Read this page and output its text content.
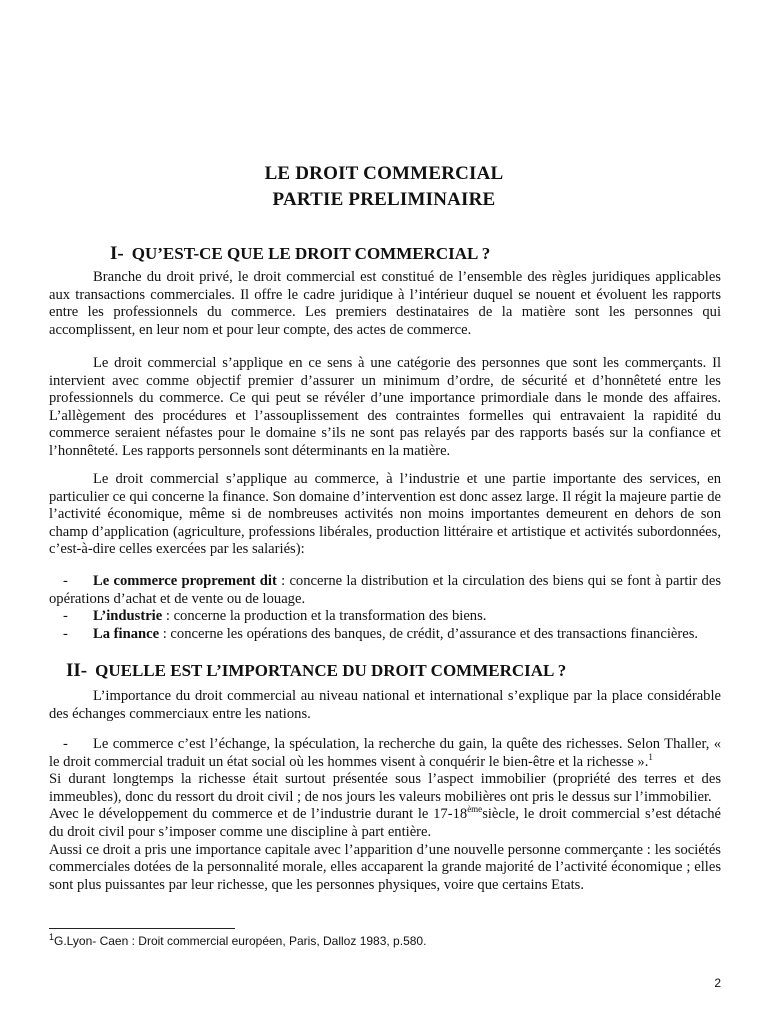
LE DROIT COMMERCIAL
PARTIE PRELIMINAIRE
I- QU’EST-CE QUE LE DROIT COMMERCIAL ?
Branche du droit privé, le droit commercial est constitué de l’ensemble des règles juridiques applicables aux transactions commerciales. Il offre le cadre juridique à l’intérieur duquel se nouent et évoluent les rapports entre les professionnels du commerce. Les premiers destinataires de la matière sont les personnes qui accomplissent, en leur nom et pour leur compte, des actes de commerce.
Le droit commercial s’applique en ce sens à une catégorie des personnes que sont les commerçants. Il intervient avec comme objectif premier d’assurer un minimum d’ordre, de sécurité et d’honnêteté entre les professionnels du commerce. Ce qui peut se révéler d’une importance primordiale dans le monde des affaires. L’allègement des procédures et l’assouplissement des contraintes formelles qui entravaient la rapidité du commerce seraient néfastes pour le domaine s’ils ne sont pas relayés par des rapports basés sur la confiance et l’honnêteté. Les rapports personnels sont déterminants en la matière.
Le droit commercial s’applique au commerce, à l’industrie et une partie importante des services, en particulier ce qui concerne la finance. Son domaine d’intervention est donc assez large. Il régit la majeure partie de l’activité économique, même si de nombreuses activités non moins importantes demeurent en dehors de son champ d’application (agriculture, professions libérales, production littéraire et artistique et activités subordonnées, c’est-à-dire celles exercées par les salariés):
- Le commerce proprement dit : concerne la distribution et la circulation des biens qui se font à partir des opérations d’achat et de vente ou de louage.
- L’industrie : concerne la production et la transformation des biens.
- La finance : concerne les opérations des banques, de crédit, d’assurance et des transactions financières.
II- QUELLE EST L’IMPORTANCE DU DROIT COMMERCIAL ?
L’importance du droit commercial au niveau national et international s’explique par la place considérable des échanges commerciaux entre les nations.
- Le commerce c’est l’échange, la spéculation, la recherche du gain, la quête des richesses. Selon Thaller, « le droit commercial traduit un état social où les hommes visent à conquérir le bien-être et la richesse ».$^1$
Si durant longtemps la richesse était surtout présentée sous l’aspect immobilier (propriété des terres et des immeubles), donc du ressort du droit civil ; de nos jours les valeurs mobilières ont pris le dessus sur l’immobilier.
Avec le développement du commerce et de l’industrie durant le 17-18èmesiècle, le droit commercial s’est détaché du droit civil pour s’imposer comme une discipline à part entière.
Aussi ce droit a pris une importance capitale avec l’apparition d’une nouvelle personne commerçante : les sociétés commerciales dotées de la personnalité morale, elles accaparent la grande majorité de l’activité économique ; elles sont plus puissantes par leur richesse, que les personnes physiques, voire que certains Etats.
$^1$G.Lyon- Caen : Droit commercial européen, Paris, Dalloz 1983, p.580.
2
